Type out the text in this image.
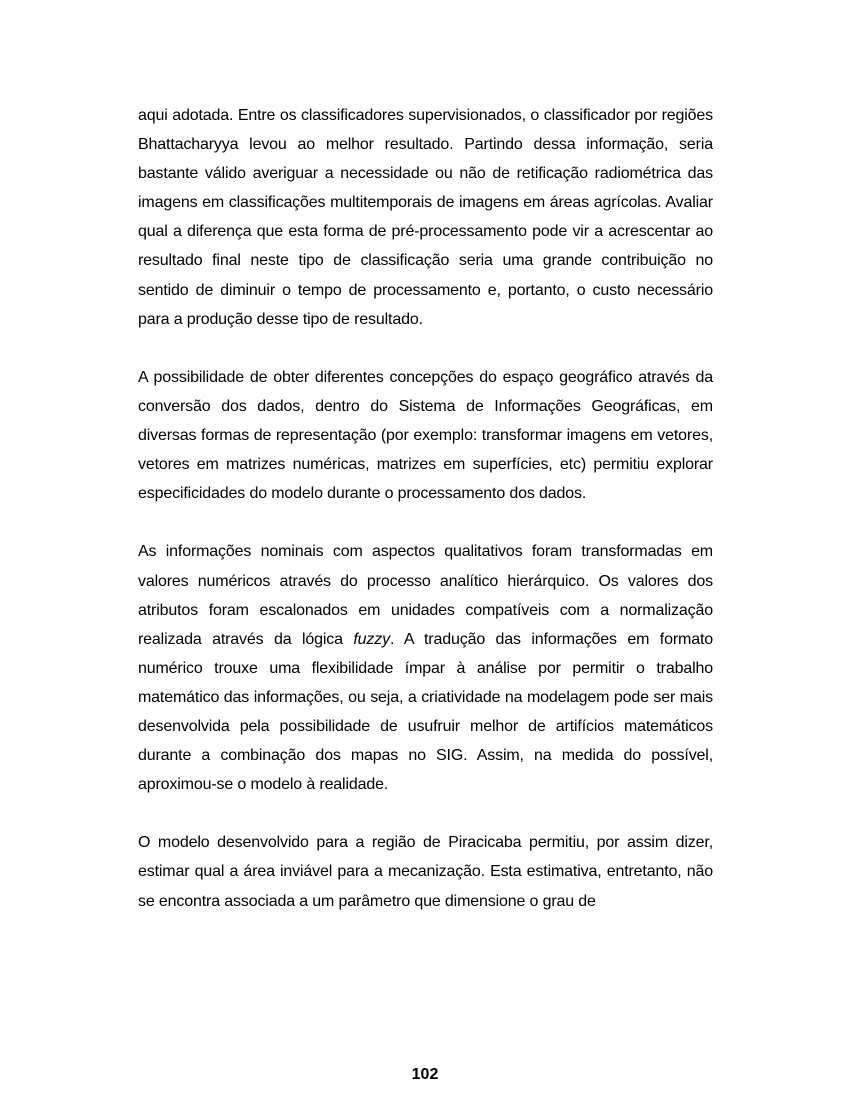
aqui adotada. Entre os classificadores supervisionados, o classificador por regiões Bhattacharyya levou ao melhor resultado. Partindo dessa informação, seria bastante válido averiguar a necessidade ou não de retificação radiométrica das imagens em classificações multitemporais de imagens em áreas agrícolas. Avaliar qual a diferença que esta forma de pré-processamento pode vir a acrescentar ao resultado final neste tipo de classificação seria uma grande contribuição no sentido de diminuir o tempo de processamento e, portanto, o custo necessário para a produção desse tipo de resultado.

A possibilidade de obter diferentes concepções do espaço geográfico através da conversão dos dados, dentro do Sistema de Informações Geográficas, em diversas formas de representação (por exemplo: transformar imagens em vetores, vetores em matrizes numéricas, matrizes em superfícies, etc) permitiu explorar especificidades do modelo durante o processamento dos dados.

As informações nominais com aspectos qualitativos foram transformadas em valores numéricos através do processo analítico hierárquico. Os valores dos atributos foram escalonados em unidades compatíveis com a normalização realizada através da lógica fuzzy. A tradução das informações em formato numérico trouxe uma flexibilidade ímpar à análise por permitir o trabalho matemático das informações, ou seja, a criatividade na modelagem pode ser mais desenvolvida pela possibilidade de usufruir melhor de artifícios matemáticos durante a combinação dos mapas no SIG. Assim, na medida do possível, aproximou-se o modelo à realidade.

O modelo desenvolvido para a região de Piracicaba permitiu, por assim dizer, estimar qual a área inviável para a mecanização. Esta estimativa, entretanto, não se encontra associada a um parâmetro que dimensione o grau de

102
